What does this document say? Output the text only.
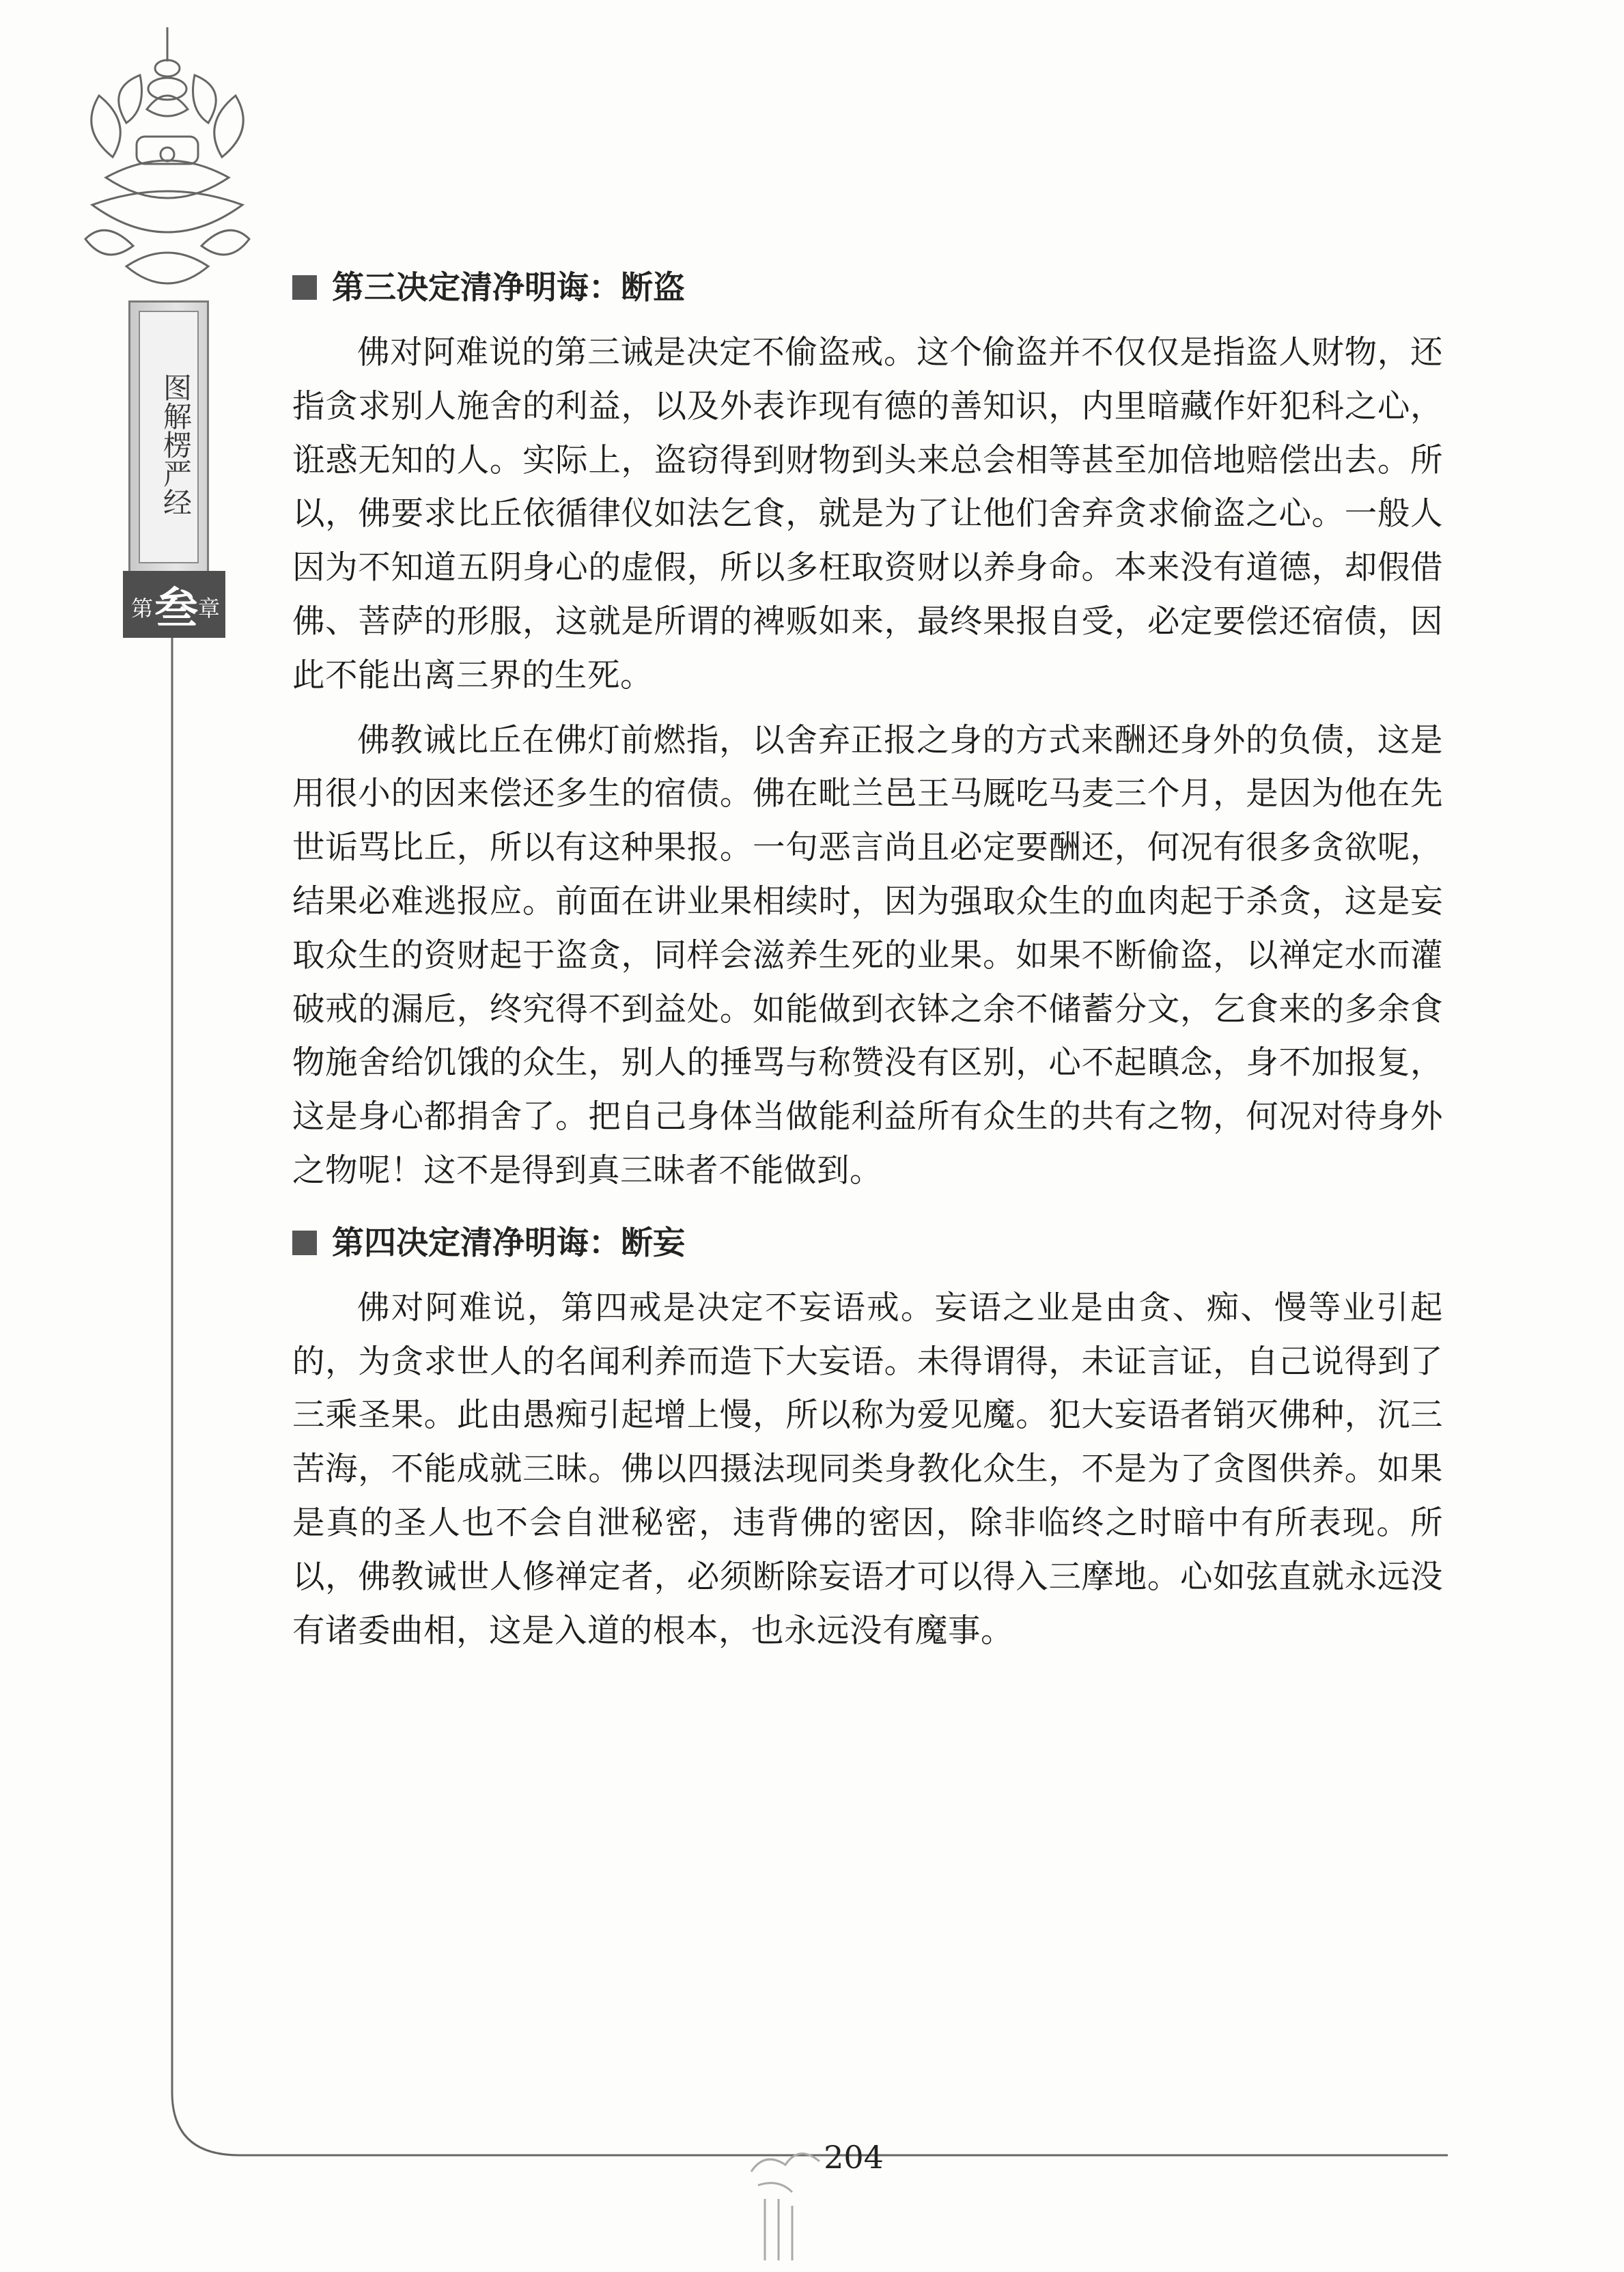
图解楞严经
第 叁 章
第三决定清净明诲：断盗

佛对阿难说的第三诫是决定不偷盗戒。这个偷盗并不仅仅是指盗人财物，还指贪求别人施舍的利益，以及外表诈现有德的善知识，内里暗藏作奸犯科之心，诳惑无知的人。实际上，盗窃得到财物到头来总会相等甚至加倍地赔偿出去。所以，佛要求比丘依循律仪如法乞食，就是为了让他们舍弃贪求偷盗之心。一般人因为不知道五阴身心的虚假，所以多枉取资财以养身命。本来没有道德，却假借佛、菩萨的形服，这就是所谓的裨贩如来，最终果报自受，必定要偿还宿债，因此不能出离三界的生死。

佛教诫比丘在佛灯前燃指，以舍弃正报之身的方式来酬还身外的负债，这是用很小的因来偿还多生的宿债。佛在毗兰邑王马厩吃马麦三个月，是因为他在先世诟骂比丘，所以有这种果报。一句恶言尚且必定要酬还，何况有很多贪欲呢，结果必难逃报应。前面在讲业果相续时，因为强取众生的血肉起于杀贪，这是妄取众生的资财起于盗贪，同样会滋养生死的业果。如果不断偷盗，以禅定水而灌破戒的漏卮，终究得不到益处。如能做到衣钵之余不储蓄分文，乞食来的多余食物施舍给饥饿的众生，别人的捶骂与称赞没有区别，心不起瞋念，身不加报复，这是身心都捐舍了。把自己身体当做能利益所有众生的共有之物，何况对待身外之物呢！这不是得到真三昧者不能做到。

第四决定清净明诲：断妄

佛对阿难说，第四戒是决定不妄语戒。妄语之业是由贪、痴、慢等业引起的，为贪求世人的名闻利养而造下大妄语。未得谓得，未证言证，自己说得到了三乘圣果。此由愚痴引起增上慢，所以称为爱见魔。犯大妄语者销灭佛种，沉三苦海，不能成就三昧。佛以四摄法现同类身教化众生，不是为了贪图供养。如果是真的圣人也不会自泄秘密，违背佛的密因，除非临终之时暗中有所表现。所以，佛教诫世人修禅定者，必须断除妄语才可以得入三摩地。心如弦直就永远没有诸委曲相，这是入道的根本，也永远没有魔事。

204
